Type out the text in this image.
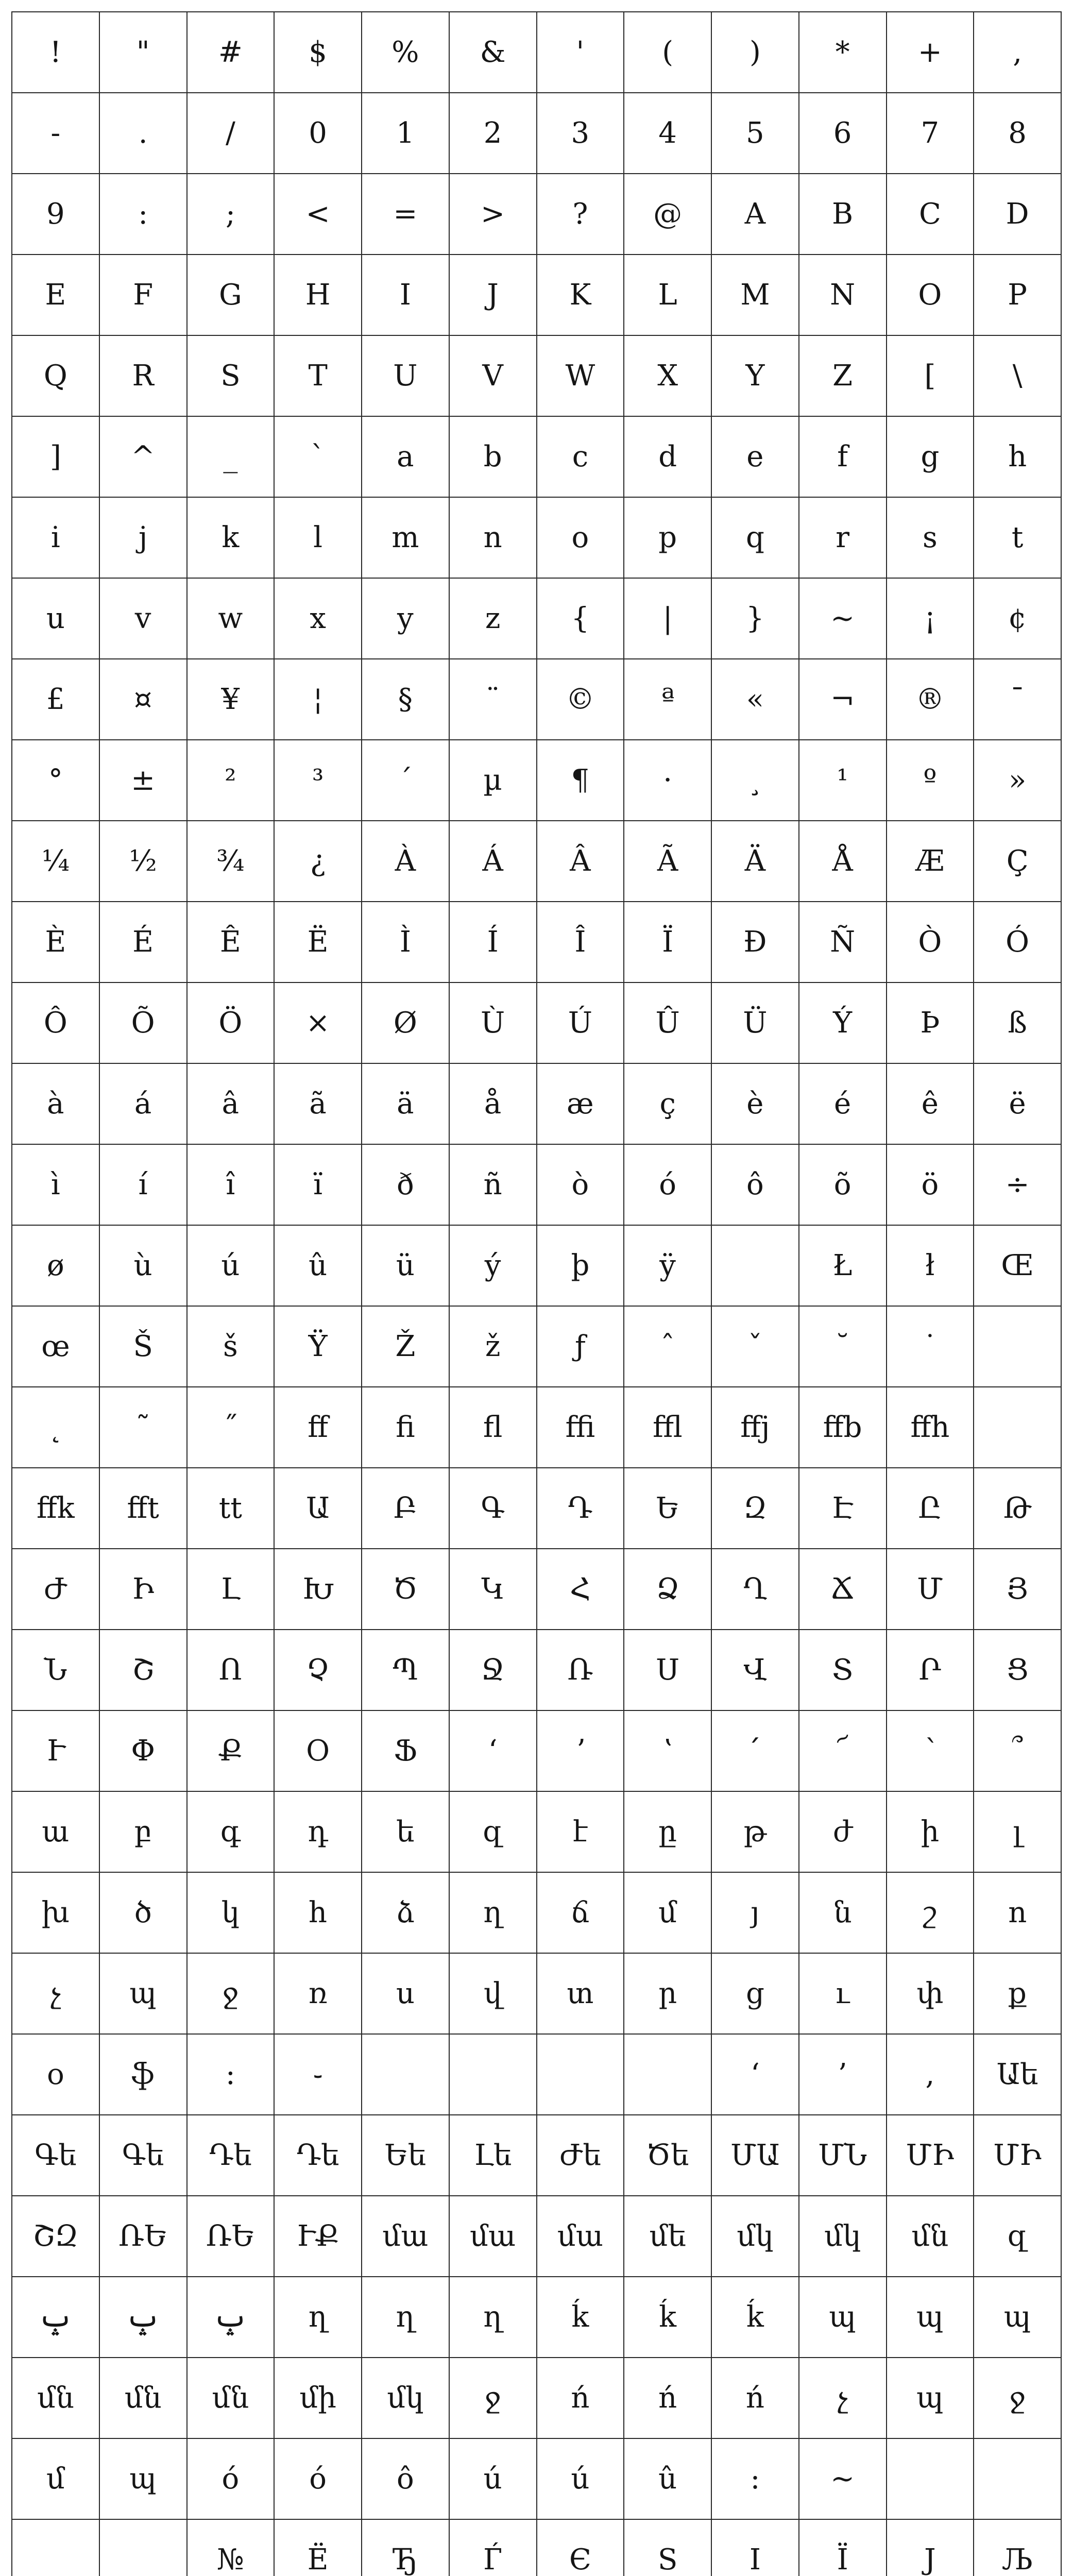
!	"	#	$	%	&	'	(	)	*	+	,
-	.	/	0	1	2	3	4	5	6	7	8
9	:	;	<	=	>	?	@	A	B	C	D
E	F	G	H	I	J	K	L	M	N	O	P
Q	R	S	T	U	V	W	X	Y	Z	[	\
]	^	_	`	a	b	c	d	e	f	g	h
i	j	k	l	m	n	o	p	q	r	s	t
u	v	w	x	y	z	{	|	}	~	¡	¢
£	¤	¥	¦	§	¨	©	ª	«	¬	®	¯
°	±	²	³	´	µ	¶	·	¸	¹	º	»
¼	½	¾	¿	À	Á	Â	Ã	Ä	Å	Æ	Ç
È	É	Ê	Ë	Ì	Í	Î	Ï	Ð	Ñ	Ò	Ó
Ô	Õ	Ö	×	Ø	Ù	Ú	Û	Ü	Ý	Þ	ß
à	á	â	ã	ä	å	æ	ç	è	é	ê	ë
ì	í	î	ï	ð	ñ	ò	ó	ô	õ	ö	÷
ø	ù	ú	û	ü	ý	þ	ÿ		Ł	ł	Œ
œ	Š	š	Ÿ	Ž	ž	ƒ	ˆ	ˇ	˘	˙	
˛	˜	˝	ﬀ	ﬁ	ﬂ	ﬃ	ﬄ	ﬀj	ﬀb	ﬀh	
ﬀk	ﬀt	tt	Ա	Բ	Գ	Դ	Ե	Զ	Է	Ը	Թ
Ժ	Ի	Լ	Խ	Ծ	Կ	Հ	Ձ	Ղ	Ճ	Մ	Յ
Ն	Շ	Ո	Չ	Պ	Ջ	Ռ	Ս	Վ	Տ	Ր	Ց
Ւ	Փ	Ք	Օ	Ֆ	ʻ	ʼ	ʽ	՛	՜	՝	՞
ա	բ	գ	դ	ե	զ	է	ը	թ	ժ	ի	լ
խ	ծ	կ	հ	ձ	ղ	ճ	մ	յ	ն	շ	ո
չ	պ	ջ	ռ	ս	վ	տ	ր	ց	ւ	փ	ք
օ	ֆ	։	֊					‘	’	,	Աե
Գե	Գե	Դե	Դե	Եե	Լե	Ժե	Ծե	ՄԱ	ՄՆ	ՄԻ	ՄԻ
ՇԶ	ՌԵ	ՌԵ	ՒՔ	մա	մա	մա	մե	մկ	մկ	մն	զ
ݒ	ݒ	ݒ	ղ	ղ	ղ	ḱ	ḱ	ḱ	պ	պ	պ
մն	մն	մն	մի	մկ	ջ	ń	ń	ń	չ	պ	ջ
մ	պ	ó	ó	ô	ú	ú	û	:	~		
		№	Ё	Ђ	Ѓ	Є	Ѕ	І	Ї	Ј	Љ
